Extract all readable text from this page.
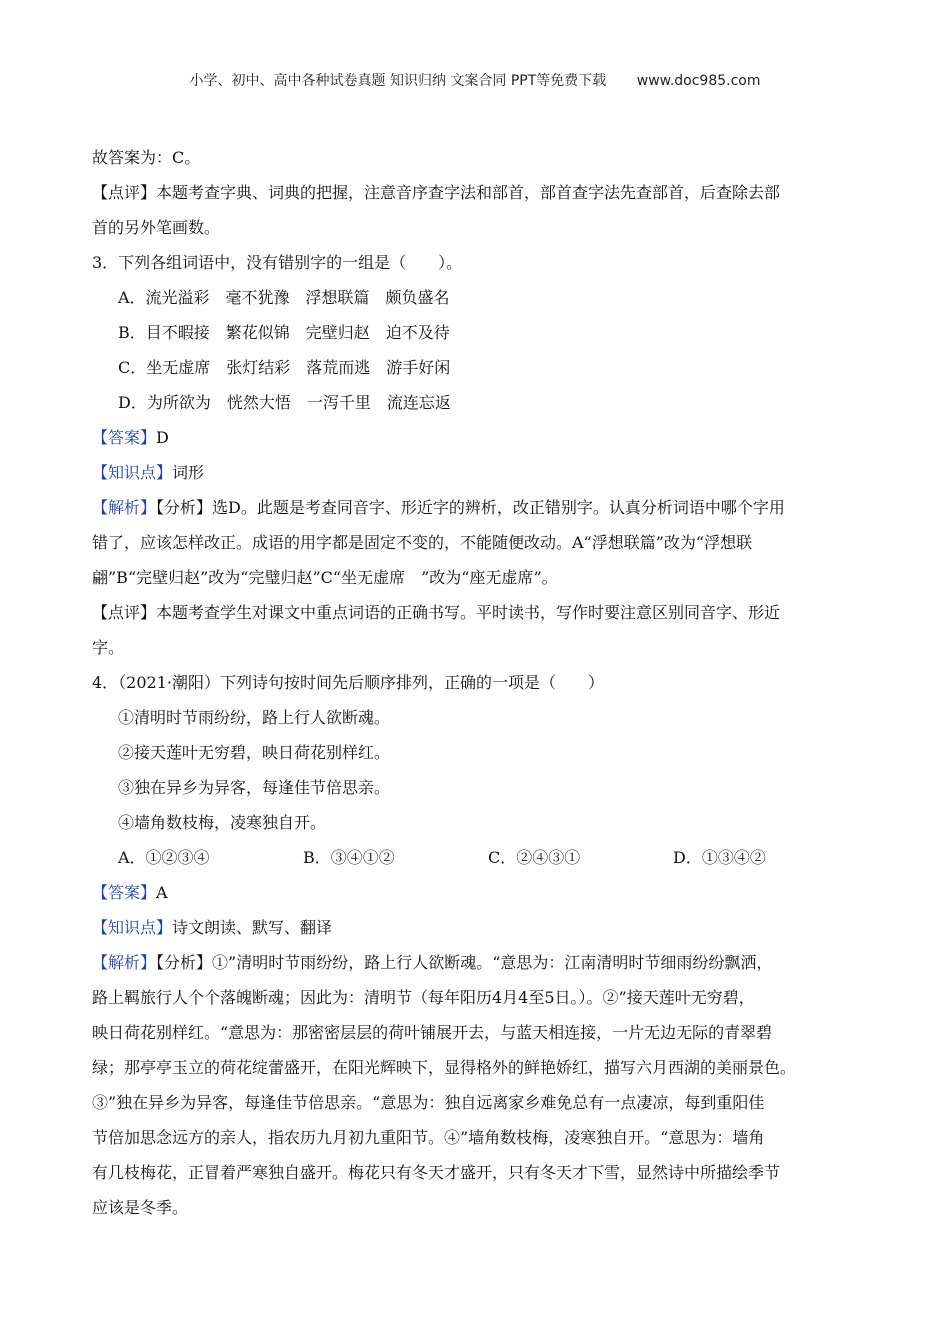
小学、初中、高中各种试卷真题 知识归纳 文案合同 PPT等免费下载 www.doc985.com

故答案为：C。

【点评】本题考查字典、词典的把握，注意音序查字法和部首，部首查字法先查部首，后查除去部

首的另外笔画数。

3．下列各组词语中，没有错别字的一组是（　　）。

A．流光溢彩　毫不犹豫　浮想联篇　颇负盛名

B．目不暇接　繁花似锦　完壁归赵　迫不及待

C．坐无虚席　张灯结彩　落荒而逃　游手好闲

D．为所欲为　恍然大悟　一泻千里　流连忘返

【答案】D

【知识点】词形

【解析】【分析】选D。此题是考查同音字、形近字的辨析，改正错别字。认真分析词语中哪个字用

错了，应该怎样改正。成语的用字都是固定不变的，不能随便改动。A“浮想联篇”改为“浮想联

翩”B“完壁归赵”改为“完璧归赵”C“坐无虚席　”改为“座无虚席”。

【点评】本题考查学生对课文中重点词语的正确书写。平时读书，写作时要注意区别同音字、形近

字。

4．（2021·潮阳）下列诗句按时间先后顺序排列，正确的一项是（　　）

①清明时节雨纷纷，路上行人欲断魂。

②接天莲叶无穷碧，映日荷花别样红。

③独在异乡为异客，每逢佳节倍思亲。

④墙角数枝梅，凌寒独自开。

A．①②③④	B．③④①②	C．②④③①	D．①③④②

【答案】A

【知识点】诗文朗读、默写、翻译

【解析】【分析】①”清明时节雨纷纷，路上行人欲断魂。“意思为：江南清明时节细雨纷纷飘洒，

路上羁旅行人个个落魄断魂；因此为：清明节（每年阳历4月4至5日。）。②”接天莲叶无穷碧，

映日荷花别样红。“意思为：那密密层层的荷叶铺展开去，与蓝天相连接，一片无边无际的青翠碧

绿；那亭亭玉立的荷花绽蕾盛开，在阳光辉映下，显得格外的鲜艳娇红，描写六月西湖的美丽景色。

③”独在异乡为异客，每逢佳节倍思亲。“意思为：独自远离家乡难免总有一点凄凉，每到重阳佳

节倍加思念远方的亲人，指农历九月初九重阳节。④”墙角数枝梅，凌寒独自开。“意思为：墙角

有几枝梅花，正冒着严寒独自盛开。梅花只有冬天才盛开，只有冬天才下雪，显然诗中所描绘季节

应该是冬季。
